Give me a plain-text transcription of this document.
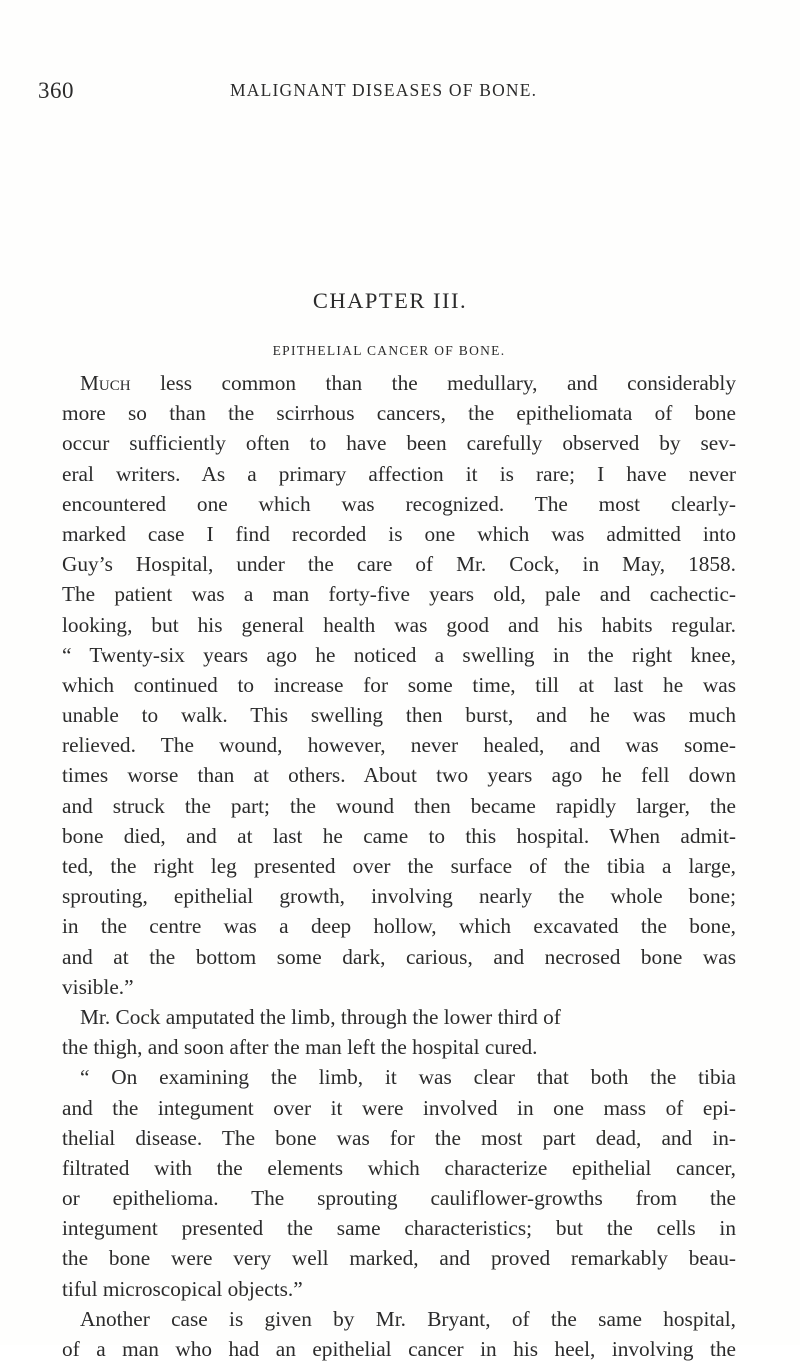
360	MALIGNANT DISEASES OF BONE.
CHAPTER III.
EPITHELIAL CANCER OF BONE.
Much less common than the medullary, and considerably
more so than the scirrhous cancers, the epitheliomata of bone
occur sufficiently often to have been carefully observed by sev-
eral writers. As a primary affection it is rare; I have never
encountered one which was recognized. The most clearly-
marked case I find recorded is one which was admitted into
Guy’s Hospital, under the care of Mr. Cock, in May, 1858.
The patient was a man forty-five years old, pale and cachectic-
looking, but his general health was good and his habits regular.
“ Twenty-six years ago he noticed a swelling in the right knee,
which continued to increase for some time, till at last he was
unable to walk. This swelling then burst, and he was much
relieved. The wound, however, never healed, and was some-
times worse than at others. About two years ago he fell down
and struck the part; the wound then became rapidly larger, the
bone died, and at last he came to this hospital. When admit-
ted, the right leg presented over the surface of the tibia a large,
sprouting, epithelial growth, involving nearly the whole bone;
in the centre was a deep hollow, which excavated the bone,
and at the bottom some dark, carious, and necrosed bone was
visible.”
Mr. Cock amputated the limb, through the lower third of
the thigh, and soon after the man left the hospital cured.
“ On examining the limb, it was clear that both the tibia
and the integument over it were involved in one mass of epi-
thelial disease. The bone was for the most part dead, and in-
filtrated with the elements which characterize epithelial cancer,
or epithelioma. The sprouting cauliflower-growths from the
integument presented the same characteristics; but the cells in
the bone were very well marked, and proved remarkably beau-
tiful microscopical objects.”
Another case is given by Mr. Bryant, of the same hospital,
of a man who had an epithelial cancer in his heel, involving the
